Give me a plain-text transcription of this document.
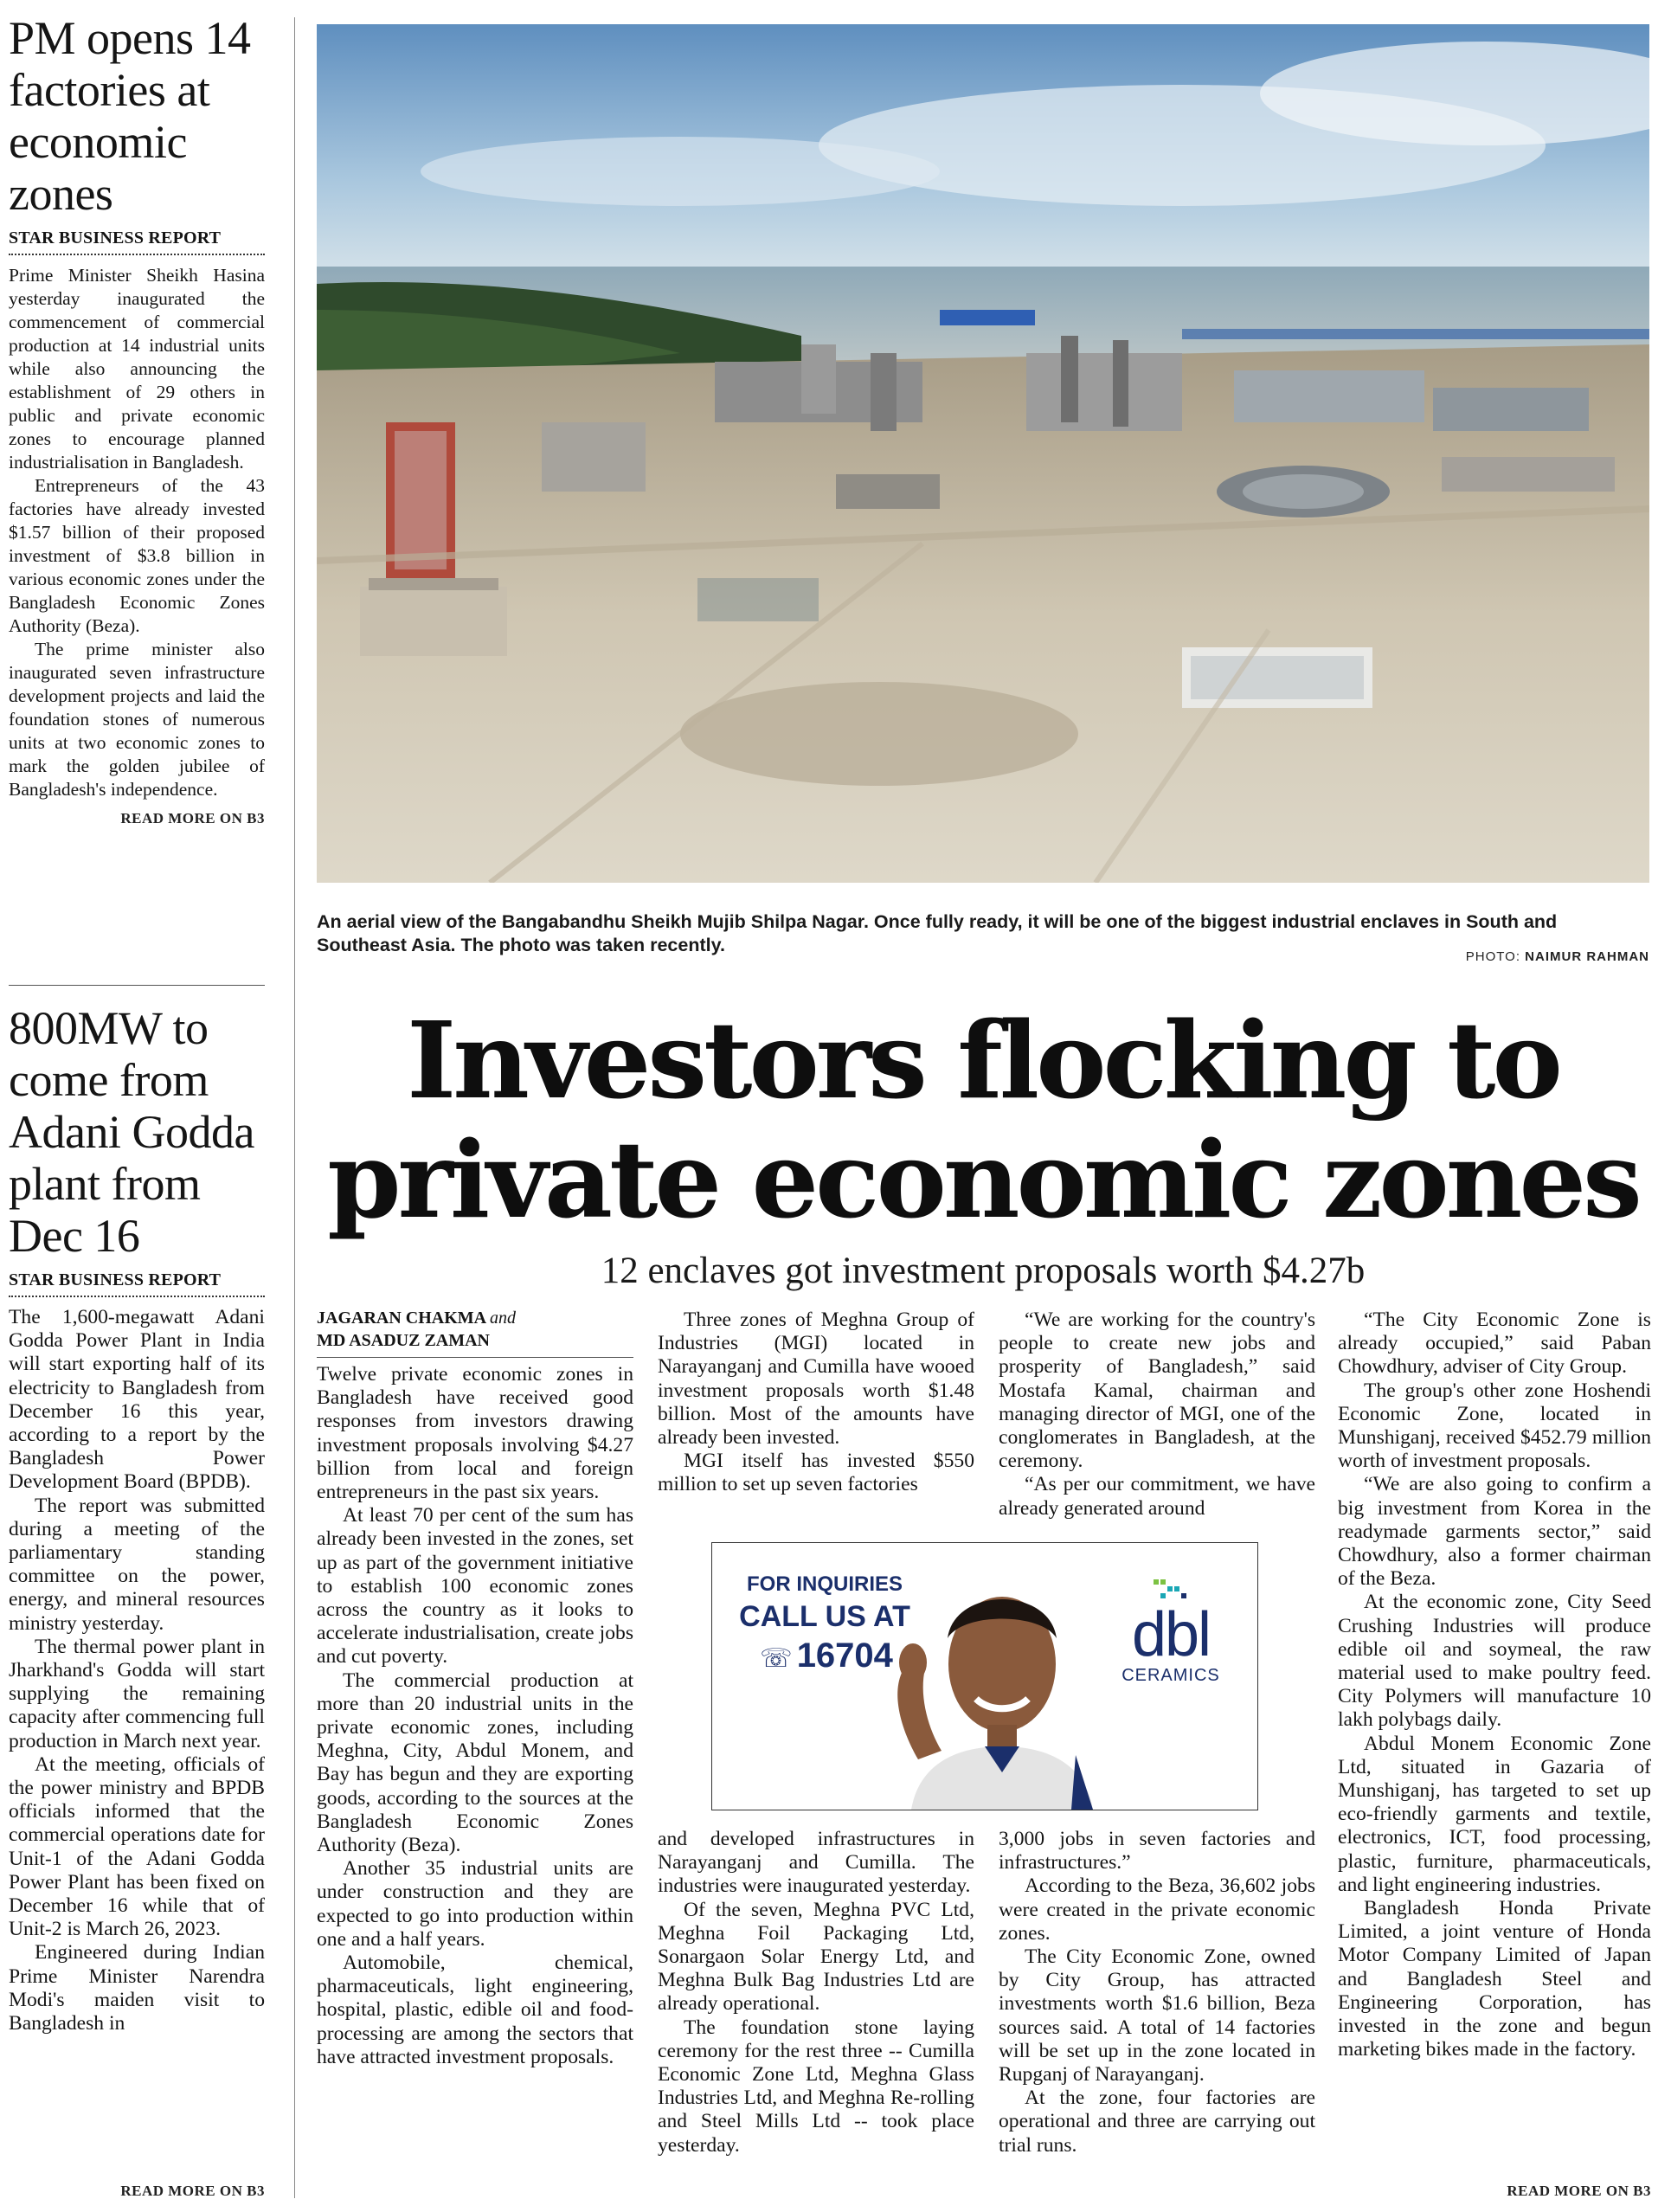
PM opens 14 factories at economic zones
STAR BUSINESS REPORT

Prime Minister Sheikh Hasina yesterday inaugurated the commencement of commercial production at 14 industrial units while also announcing the establishment of 29 others in public and private economic zones to encourage planned industrialisation in Bangladesh.

Entrepreneurs of the 43 factories have already invested $1.57 billion of their proposed investment of $3.8 billion in various economic zones under the Bangladesh Economic Zones Authority (Beza).

The prime minister also inaugurated seven infrastructure development projects and laid the foundation stones of numerous units at two economic zones to mark the golden jubilee of Bangladesh's independence.

READ MORE ON B3
800MW to come from Adani Godda plant from Dec 16
STAR BUSINESS REPORT

The 1,600-megawatt Adani Godda Power Plant in India will start exporting half of its electricity to Bangladesh from December 16 this year, according to a report by the Bangladesh Power Development Board (BPDB).

The report was submitted during a meeting of the parliamentary standing committee on the power, energy, and mineral resources ministry yesterday.

The thermal power plant in Jharkhand's Godda will start supplying the remaining capacity after commencing full production in March next year.

At the meeting, officials of the power ministry and BPDB officials informed that the commercial operations date for Unit-1 of the Adani Godda Power Plant has been fixed on December 16 while that of Unit-2 is March 26, 2023.

Engineered during Indian Prime Minister Narendra Modi's maiden visit to Bangladesh in

READ MORE ON B3
An aerial view of the Bangabandhu Sheikh Mujib Shilpa Nagar. Once fully ready, it will be one of the biggest industrial enclaves in South and Southeast Asia. The photo was taken recently.
PHOTO: NAIMUR RAHMAN
Investors flocking to
private economic zones
12 enclaves got investment proposals worth $4.27b
JAGARAN CHAKMA and
MD ASADUZ ZAMAN

Twelve private economic zones in Bangladesh have received good responses from investors drawing investment proposals involving $4.27 billion from local and foreign entrepreneurs in the past six years.

At least 70 per cent of the sum has already been invested in the zones, set up as part of the government initiative to establish 100 economic zones across the country as it looks to accelerate industrialisation, create jobs and cut poverty.

The commercial production at more than 20 industrial units in the private economic zones, including Meghna, City, Abdul Monem, and Bay has begun and they are exporting goods, according to the sources at the Bangladesh Economic Zones Authority (Beza).

Another 35 industrial units are under construction and they are expected to go into production within one and a half years.

Automobile, chemical, pharmaceuticals, light engineering, hospital, plastic, edible oil and food-processing are among the sectors that have attracted investment proposals.

Three zones of Meghna Group of Industries (MGI) located in Narayanganj and Cumilla have wooed investment proposals worth $1.48 billion. Most of the amounts have already been invested.

MGI itself has invested $550 million to set up seven factories

and developed infrastructures in Narayanganj and Cumilla. The industries were inaugurated yesterday.

Of the seven, Meghna PVC Ltd, Meghna Foil Packaging Ltd, Sonargaon Solar Energy Ltd, and Meghna Bulk Bag Industries Ltd are already operational.

The foundation stone laying ceremony for the rest three -- Cumilla Economic Zone Ltd, Meghna Glass Industries Ltd, and Meghna Re-rolling and Steel Mills Ltd -- took place yesterday.

“We are working for the country's people to create new jobs and prosperity of Bangladesh,” said Mostafa Kamal, chairman and managing director of MGI, one of the conglomerates in Bangladesh, at the ceremony.

“As per our commitment, we have already generated around

3,000 jobs in seven factories and infrastructures.”

According to the Beza, 36,602 jobs were created in the private economic zones.

The City Economic Zone, owned by City Group, has attracted investments worth $1.6 billion, Beza sources said. A total of 14 factories will be set up in the zone located in Rupganj of Narayanganj.

At the zone, four factories are operational and three are carrying out trial runs.

“The City Economic Zone is already occupied,” said Paban Chowdhury, adviser of City Group.

The group's other zone Hoshendi Economic Zone, located in Munshiganj, received $452.79 million worth of investment proposals.

“We are also going to confirm a big investment from Korea in the readymade garments sector,” said Chowdhury, also a former chairman of the Beza.

At the economic zone, City Seed Crushing Industries will produce edible oil and soymeal, the raw material used to make poultry feed. City Polymers will manufacture 10 lakh polybags daily.

Abdul Monem Economic Zone Ltd, situated in Gazaria of Munshiganj, has targeted to set up eco-friendly garments and textile, electronics, ICT, food processing, plastic, furniture, pharmaceuticals, and light engineering industries.

Bangladesh Honda Private Limited, a joint venture of Honda Motor Company Limited of Japan and Bangladesh Steel and Engineering Corporation, has invested in the zone and begun marketing bikes made in the factory.

READ MORE ON B3
FOR INQUIRIES
CALL US AT
☏ 16704	dbl
CERAMICS
